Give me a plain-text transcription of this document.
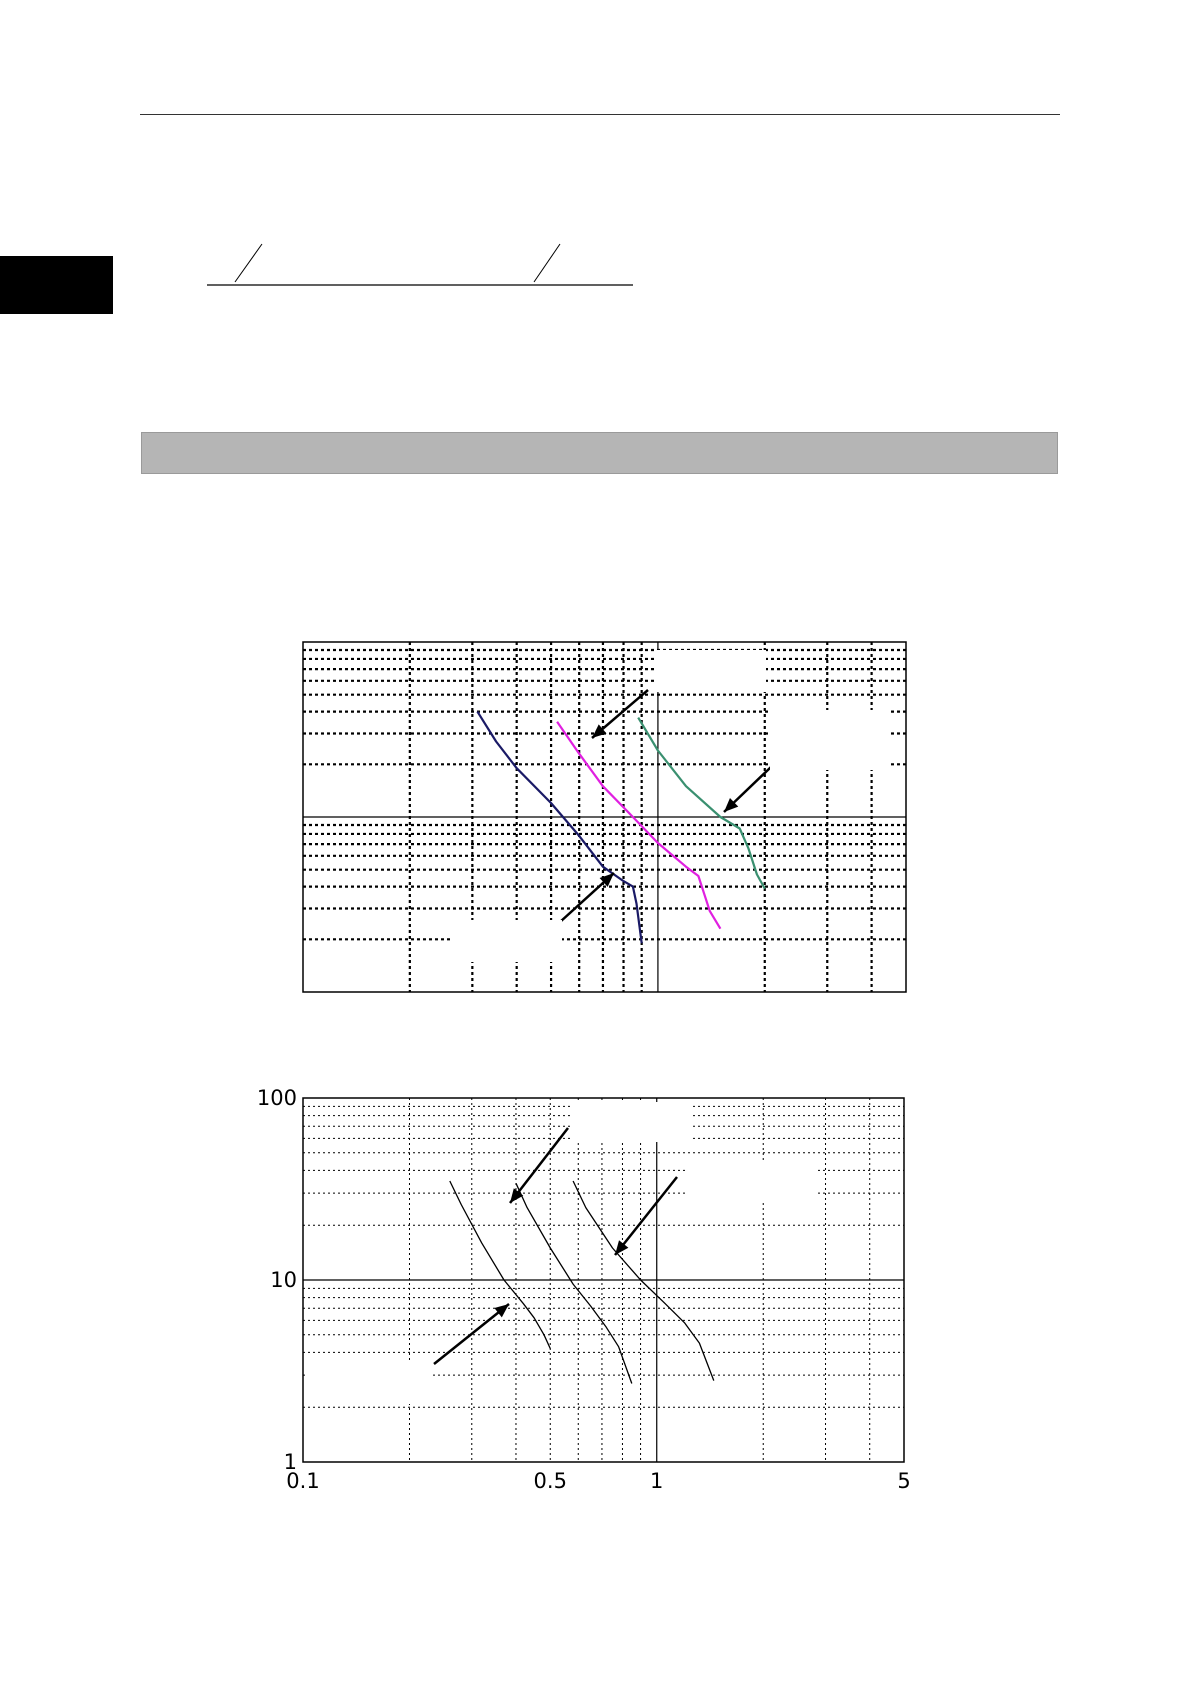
0.1	0.5	1	5
1
10
100
